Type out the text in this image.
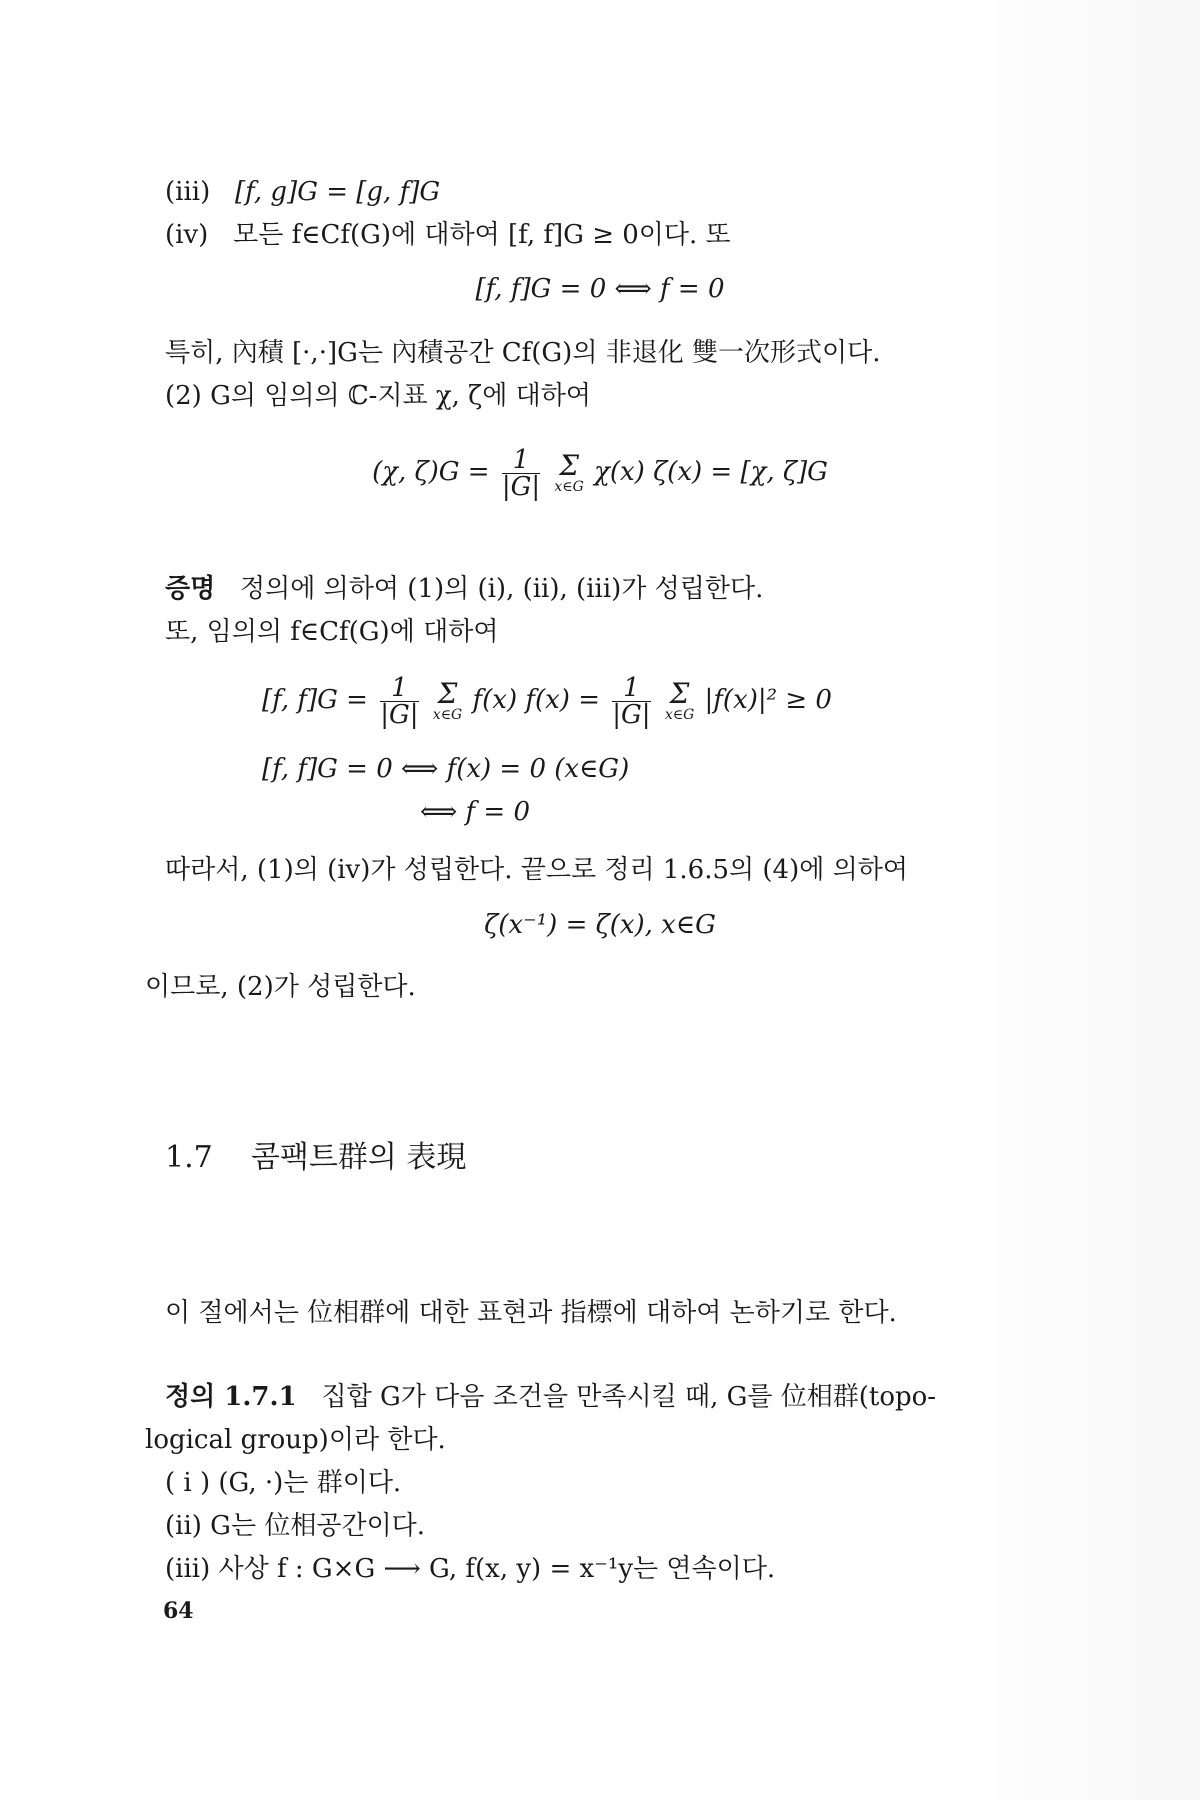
(iii) [f, g]G = [g, f]G
(iv) 모든 f∈Cf(G)에 대하여 [f, f]G ≥ 0이다. 또
[f, f]G = 0 ⟺ f = 0
특히, 內積 [·,·]G는 內積공간 Cf(G)의 非退化 雙一次形式이다.
(2) G의 임의의 ℂ-지표 χ, ζ에 대하여
(χ, $\zeta)G = \frac{1}{|G|}$
Σ
x∈G χ(x) ζ(x) = [χ, ζ]G
증명 정의에 의하여 (1)의 (i), (ii), (iii)가 성립한다.
또, 임의의 f∈Cf(G)에 대하여
[f, $f]G = \frac{1}{|G|}$
Σ
x∈G f(x) $f(x) = \frac{1}{|G|}$
Σ
x∈G |f(x)|² ≥ 0
[f, f]G = 0 ⟺ f(x) = 0 (x∈G)
⟺ f = 0
따라서, (1)의 (iv)가 성립한다. 끝으로 정리 1.6.5의 (4)에 의하여
ζ(x⁻¹) = ζ(x), x∈G
이므로, (2)가 성립한다.
1.7 콤팩트群의 表現
이 절에서는 位相群에 대한 표현과 指標에 대하여 논하기로 한다.
정의 1.7.1 집합 G가 다음 조건을 만족시킬 때, G를 位相群(topo-
logical group)이라 한다.
( i ) (G, ·)는 群이다.
(ii) G는 位相공간이다.
(iii) 사상 f : G×G ⟶ G, f(x, y) = x⁻¹y는 연속이다.
64
